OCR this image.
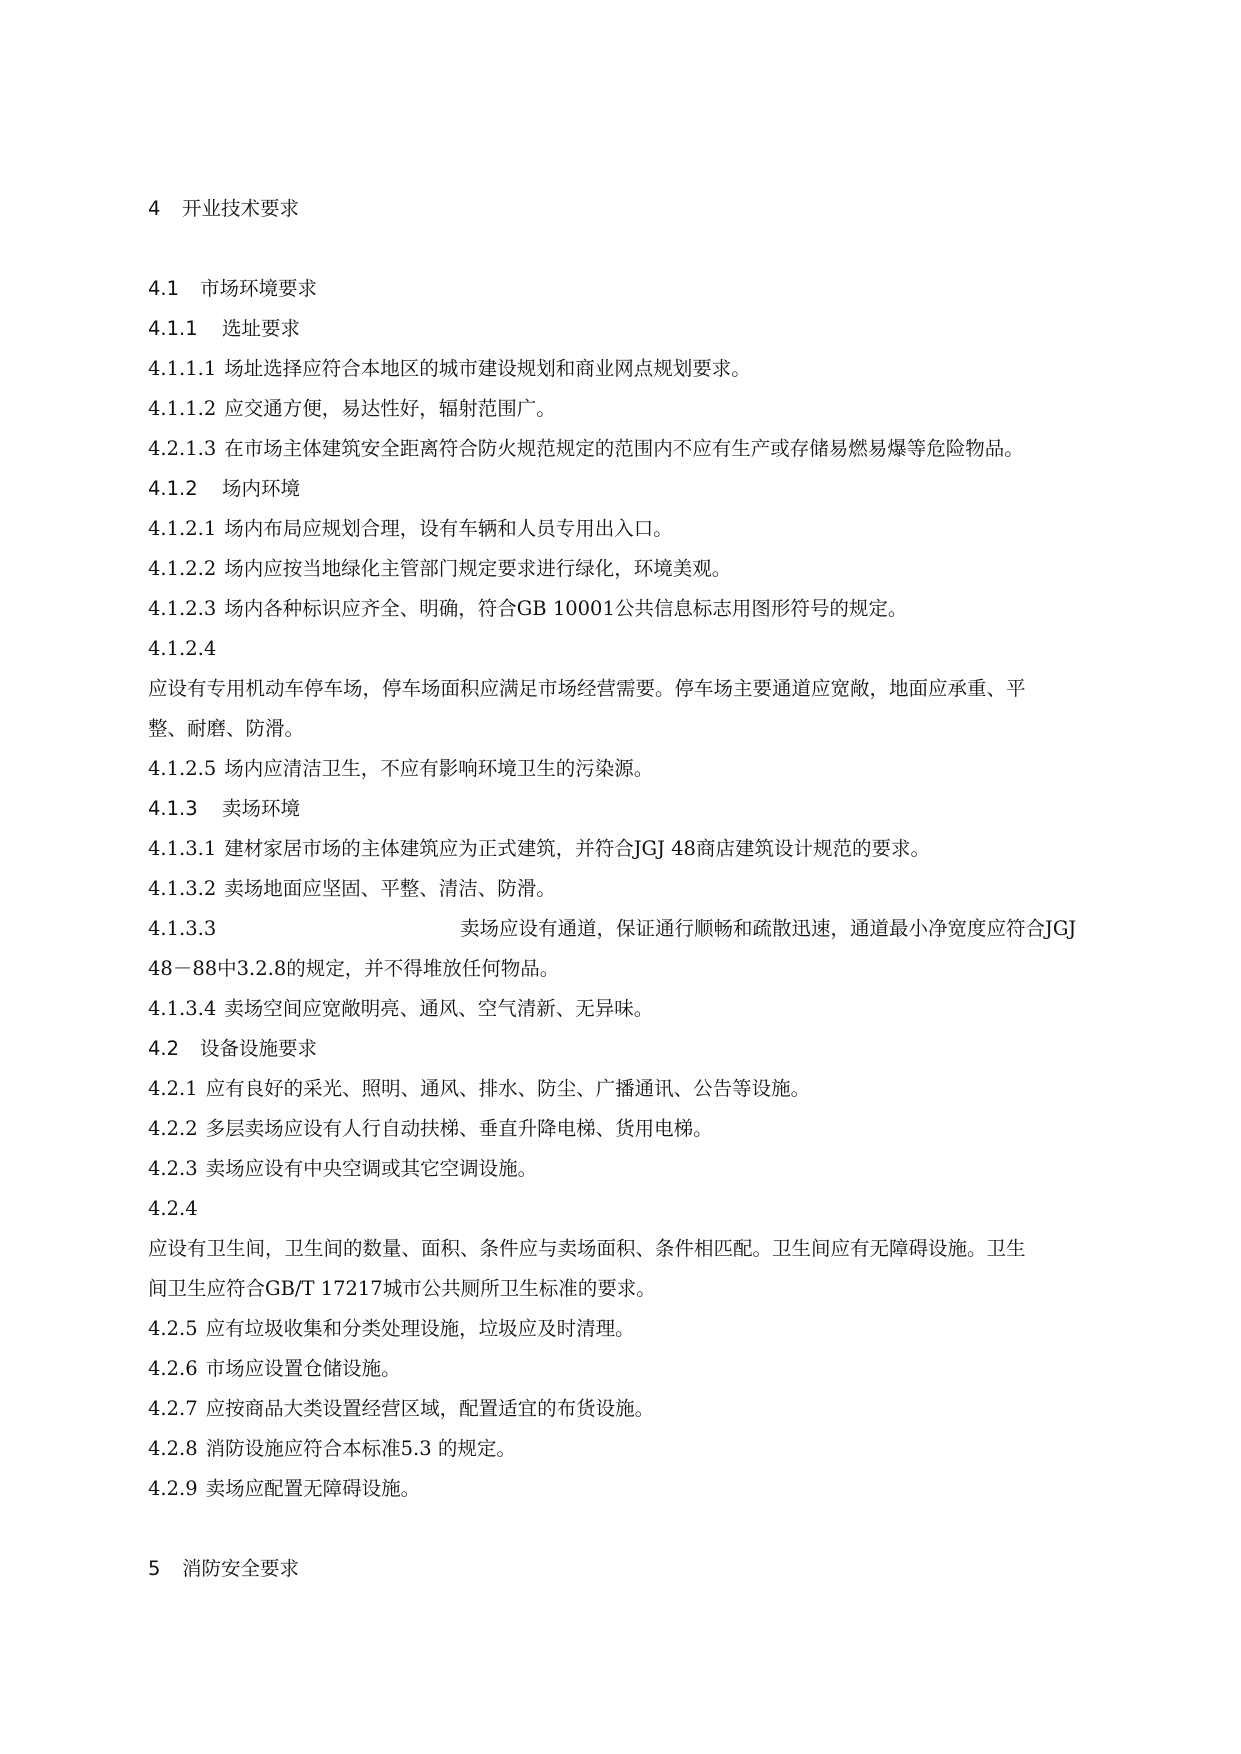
4 开业技术要求
4.1 市场环境要求
4.1.1 选址要求
4.1.1.1 场址选择应符合本地区的城市建设规划和商业网点规划要求。
4.1.1.2 应交通方便，易达性好，辐射范围广。
4.2.1.3 在市场主体建筑安全距离符合防火规范规定的范围内不应有生产或存储易燃易爆等危险物品。
4.1.2 场内环境
4.1.2.1 场内布局应规划合理，设有车辆和人员专用出入口。
4.1.2.2 场内应按当地绿化主管部门规定要求进行绿化，环境美观。
4.1.2.3 场内各种标识应齐全、明确，符合GB 10001公共信息标志用图形符号的规定。
4.1.2.4
应设有专用机动车停车场，停车场面积应满足市场经营需要。停车场主要通道应宽敞，地面应承重、平
整、耐磨、防滑。
4.1.2.5 场内应清洁卫生，不应有影响环境卫生的污染源。
4.1.3 卖场环境
4.1.3.1 建材家居市场的主体建筑应为正式建筑，并符合JGJ 48商店建筑设计规范的要求。
4.1.3.2 卖场地面应坚固、平整、清洁、防滑。
4.1.3.3	卖场应设有通道，保证通行顺畅和疏散迅速，通道最小净宽度应符合JGJ
48－88中3.2.8的规定，并不得堆放任何物品。
4.1.3.4 卖场空间应宽敞明亮、通风、空气清新、无异味。
4.2 设备设施要求
4.2.1 应有良好的采光、照明、通风、排水、防尘、广播通讯、公告等设施。
4.2.2 多层卖场应设有人行自动扶梯、垂直升降电梯、货用电梯。
4.2.3 卖场应设有中央空调或其它空调设施。
4.2.4
应设有卫生间，卫生间的数量、面积、条件应与卖场面积、条件相匹配。卫生间应有无障碍设施。卫生
间卫生应符合GB/T 17217城市公共厕所卫生标准的要求。
4.2.5 应有垃圾收集和分类处理设施，垃圾应及时清理。
4.2.6 市场应设置仓储设施。
4.2.7 应按商品大类设置经营区域，配置适宜的布货设施。
4.2.8 消防设施应符合本标准5.3 的规定。
4.2.9 卖场应配置无障碍设施。
5 消防安全要求
